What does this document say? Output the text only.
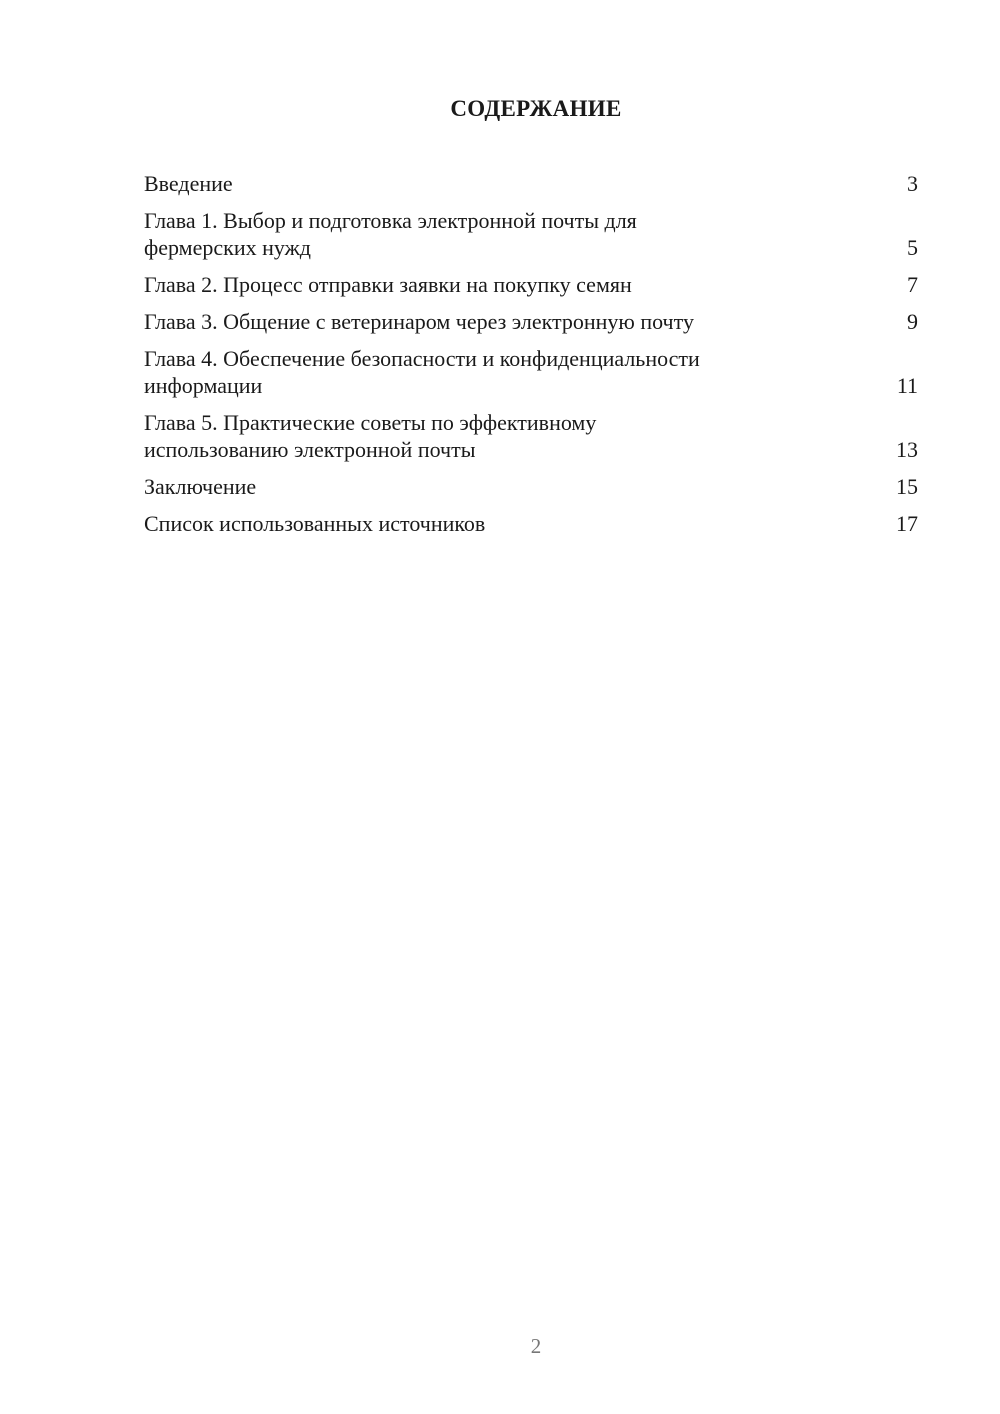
СОДЕРЖАНИЕ
Введение	3
Глава 1. Выбор и подготовка электронной почты для
фермерских нужд	5
Глава 2. Процесс отправки заявки на покупку семян	7
Глава 3. Общение с ветеринаром через электронную почту	9
Глава 4. Обеспечение безопасности и конфиденциальности
информации	11
Глава 5. Практические советы по эффективному
использованию электронной почты	13
Заключение	15
Список использованных источников	17
2
